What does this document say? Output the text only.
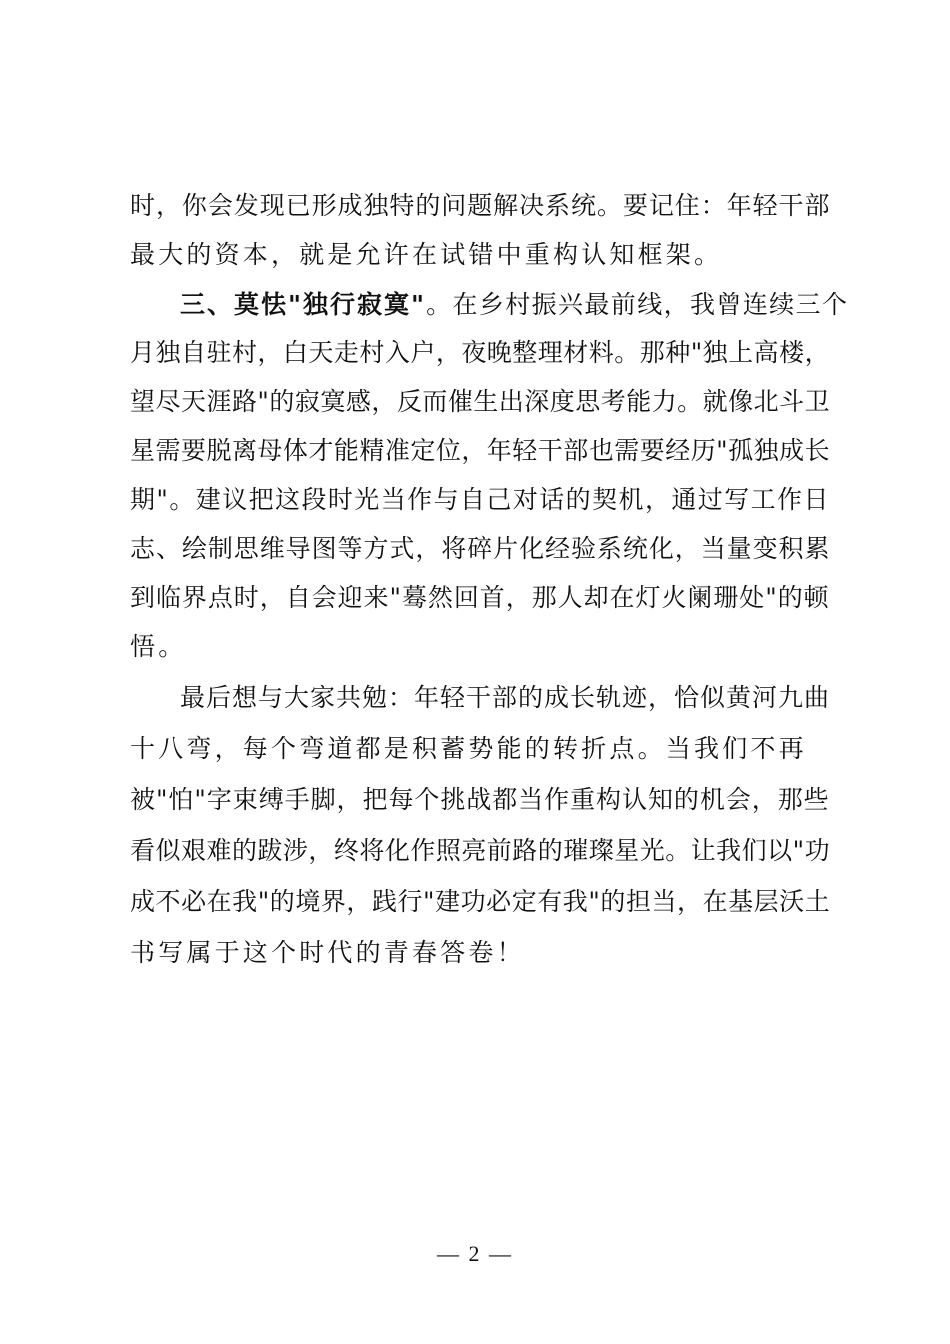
时，你会发现已形成独特的问题解决系统。要记住：年轻干部
最大的资本，就是允许在试错中重构认知框架。
三、莫怯"独行寂寞"。在乡村振兴最前线，我曾连续三个
月独自驻村，白天走村入户，夜晚整理材料。那种"独上高楼，
望尽天涯路"的寂寞感，反而催生出深度思考能力。就像北斗卫
星需要脱离母体才能精准定位，年轻干部也需要经历"孤独成长
期"。建议把这段时光当作与自己对话的契机，通过写工作日
志、绘制思维导图等方式，将碎片化经验系统化，当量变积累
到临界点时，自会迎来"蓦然回首，那人却在灯火阑珊处"的顿
悟。
最后想与大家共勉：年轻干部的成长轨迹，恰似黄河九曲
十八弯，每个弯道都是积蓄势能的转折点。当我们不再
被"怕"字束缚手脚，把每个挑战都当作重构认知的机会，那些
看似艰难的跋涉，终将化作照亮前路的璀璨星光。让我们以"功
成不必在我"的境界，践行"建功必定有我"的担当，在基层沃土
书写属于这个时代的青春答卷！
— 2 —
